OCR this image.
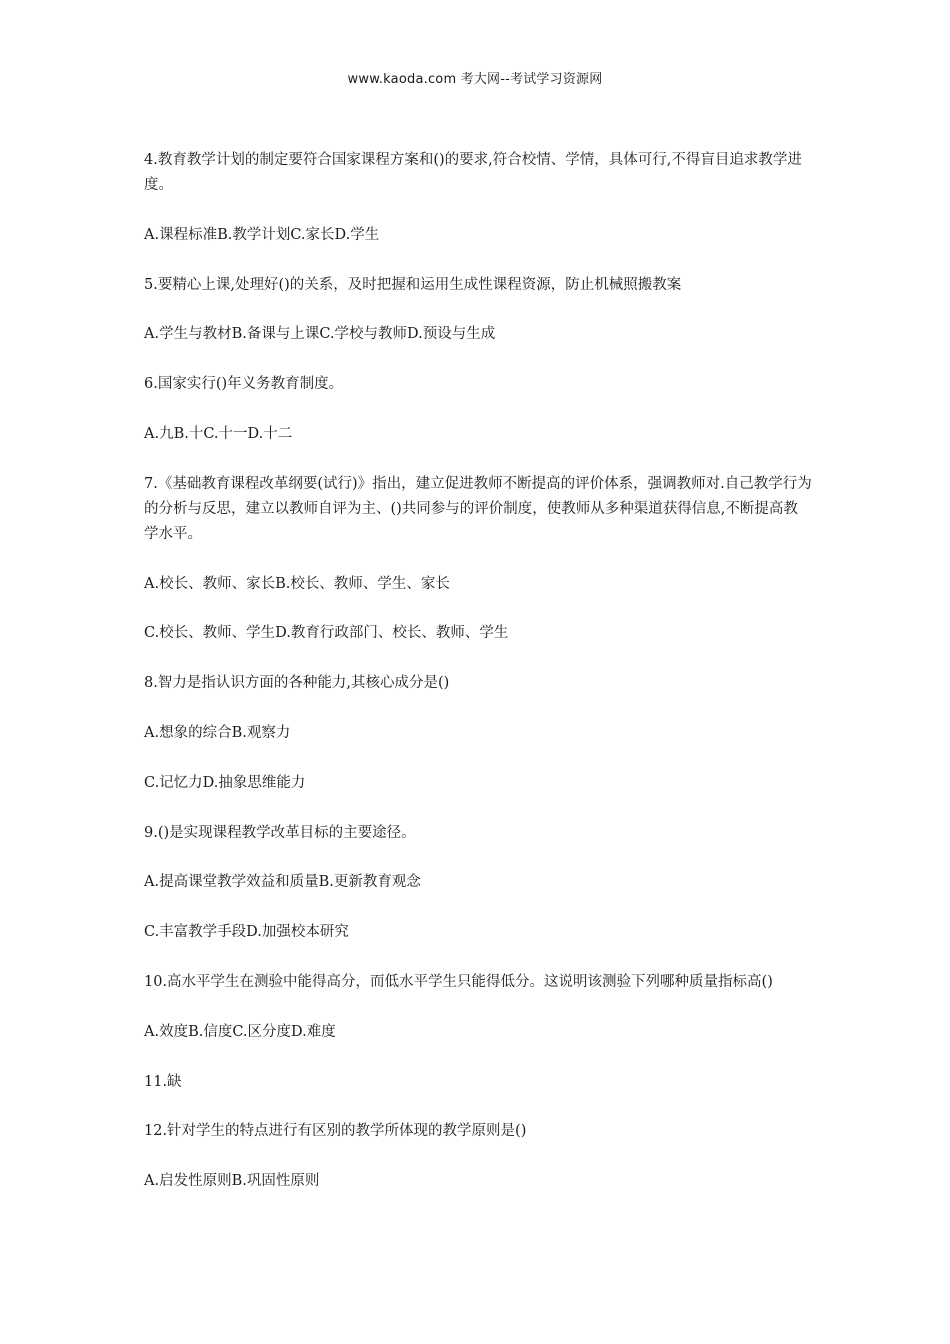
www.kaoda.com 考大网--考试学习资源网

4.教育教学计划的制定要符合国家课程方案和()的要求,符合校情、学情，具体可行,不得盲目追求教学进度。

A.课程标准B.教学计划C.家长D.学生

5.要精心上课,处理好()的关系，及时把握和运用生成性课程资源，防止机械照搬教案

A.学生与教材B.备课与上课C.学校与教师D.预设与生成

6.国家实行()年义务教育制度。

A.九B.十C.十一D.十二

7.《基础教育课程改革纲要(试行)》指出，建立促进教师不断提高的评价体系，强调教师对.自己教学行为的分析与反思，建立以教师自评为主、()共同参与的评价制度，使教师从多种渠道获得信息,不断提高教学水平。

A.校长、教师、家长B.校长、教师、学生、家长

C.校长、教师、学生D.教育行政部门、校长、教师、学生

8.智力是指认识方面的各种能力,其核心成分是()

A.想象的综合B.观察力

C.记忆力D.抽象思维能力

9.()是实现课程教学改革目标的主要途径。

A.提高课堂教学效益和质量B.更新教育观念

C.丰富教学手段D.加强校本研究

10.高水平学生在测验中能得高分，而低水平学生只能得低分。这说明该测验下列哪种质量指标高()

A.效度B.信度C.区分度D.难度

11.缺

12.针对学生的特点进行有区别的教学所体现的教学原则是()

A.启发性原则B.巩固性原则
